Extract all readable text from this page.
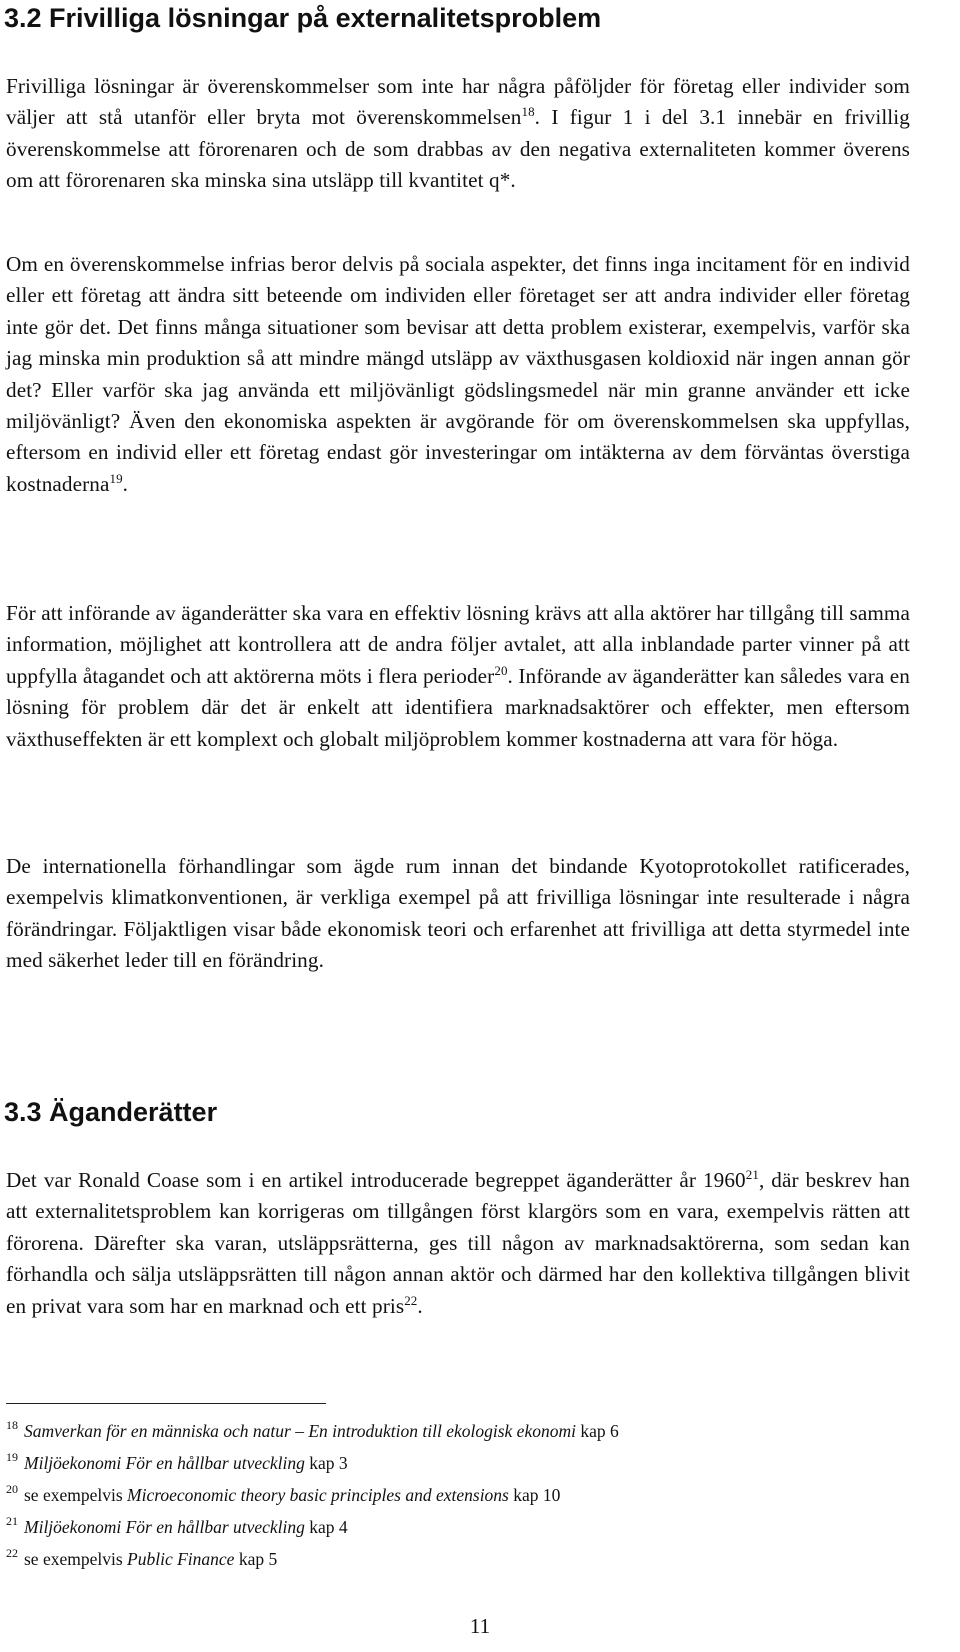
3.2 Frivilliga lösningar på externalitetsproblem

Frivilliga lösningar är överenskommelser som inte har några påföljder för företag eller individer som väljer att stå utanför eller bryta mot överenskommelsen$^{18}$. I figur 1 i del 3.1 innebär en frivillig överenskommelse att förorenaren och de som drabbas av den negativa externaliteten kommer överens om att förorenaren ska minska sina utsläpp till kvantitet q*.

Om en överenskommelse infrias beror delvis på sociala aspekter, det finns inga incitament för en individ eller ett företag att ändra sitt beteende om individen eller företaget ser att andra individer eller företag inte gör det. Det finns många situationer som bevisar att detta problem existerar, exempelvis, varför ska jag minska min produktion så att mindre mängd utsläpp av växthusgasen koldioxid när ingen annan gör det? Eller varför ska jag använda ett miljövänligt gödslingsmedel när min granne använder ett icke miljövänligt? Även den ekonomiska aspekten är avgörande för om överenskommelsen ska uppfyllas, eftersom en individ eller ett företag endast gör investeringar om intäkterna av dem förväntas överstiga kostnaderna$^{19}$.

För att införande av äganderätter ska vara en effektiv lösning krävs att alla aktörer har tillgång till samma information, möjlighet att kontrollera att de andra följer avtalet, att alla inblandade parter vinner på att uppfylla åtagandet och att aktörerna möts i flera perioder$^{20}$. Införande av äganderätter kan således vara en lösning för problem där det är enkelt att identifiera marknadsaktörer och effekter, men eftersom växthuseffekten är ett komplext och globalt miljöproblem kommer kostnaderna att vara för höga.

De internationella förhandlingar som ägde rum innan det bindande Kyotoprotokollet ratificerades, exempelvis klimatkonventionen, är verkliga exempel på att frivilliga lösningar inte resulterade i några förändringar. Följaktligen visar både ekonomisk teori och erfarenhet att frivilliga att detta styrmedel inte med säkerhet leder till en förändring.

3.3 Äganderätter

Det var Ronald Coase som i en artikel introducerade begreppet äganderätter år 1960$^{21}$, där beskrev han att externalitetsproblem kan korrigeras om tillgången först klargörs som en vara, exempelvis rätten att förorena. Därefter ska varan, utsläppsrätterna, ges till någon av marknadsaktörerna, som sedan kan förhandla och sälja utsläppsrätten till någon annan aktör och därmed har den kollektiva tillgången blivit en privat vara som har en marknad och ett pris$^{22}$.

18 Samverkan för en människa och natur – En introduktion till ekologisk ekonomi kap 6

19 Miljöekonomi För en hållbar utveckling kap 3

20 se exempelvis Microeconomic theory basic principles and extensions kap 10

21 Miljöekonomi För en hållbar utveckling kap 4

22 se exempelvis Public Finance kap 5

11
